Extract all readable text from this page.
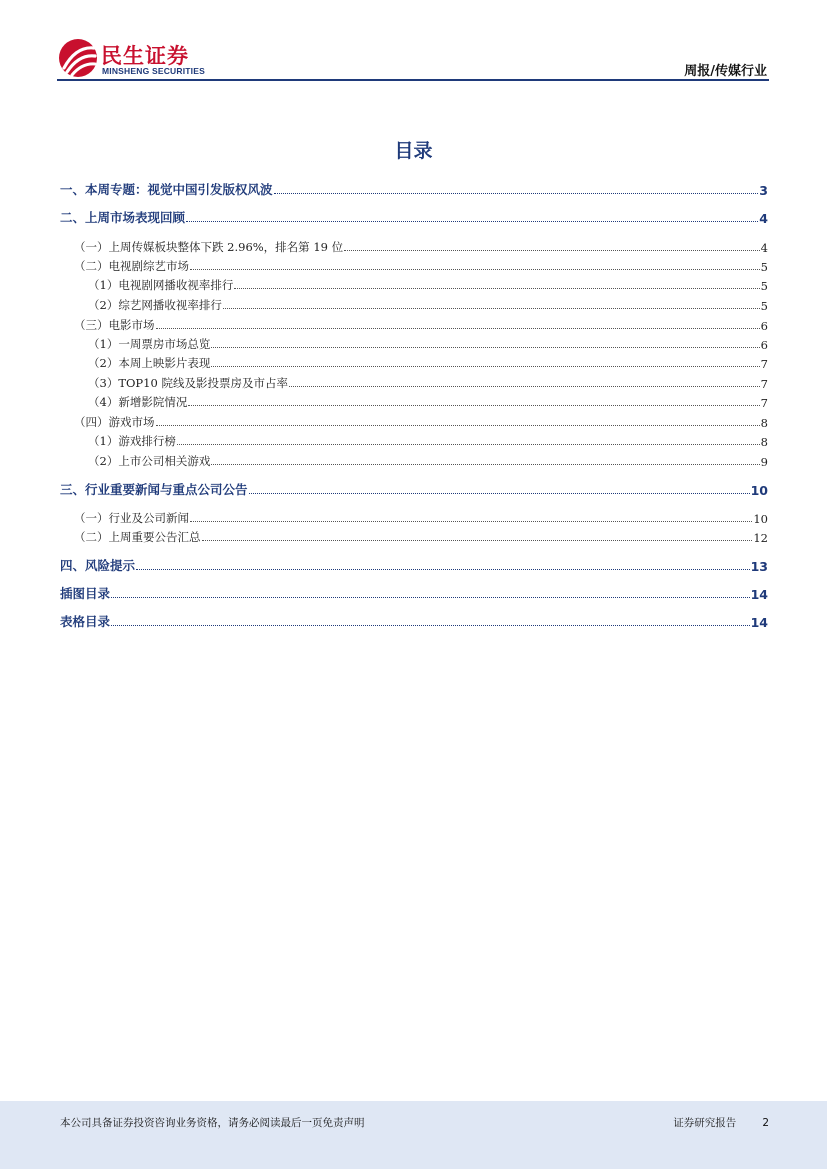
民生证券
MINSHENG SECURITIES	周报/传媒行业
目录
一、本周专题：视觉中国引发版权风波	3
二、上周市场表现回顾	4
（一）上周传媒板块整体下跌 2.96%，排名第 19 位	4
（二）电视剧综艺市场	5
（1）电视剧网播收视率排行	5
（2）综艺网播收视率排行	5
（三）电影市场	6
（1）一周票房市场总览	6
（2）本周上映影片表现	7
（3）TOP10 院线及影投票房及市占率	7
（4）新增影院情况	7
（四）游戏市场	8
（1）游戏排行榜	8
（2）上市公司相关游戏	9
三、行业重要新闻与重点公司公告	10
（一）行业及公司新闻	10
（二）上周重要公告汇总	12
四、风险提示	13
插图目录	14
表格目录	14
本公司具备证券投资咨询业务资格，请务必阅读最后一页免责声明	证券研究报告 2
